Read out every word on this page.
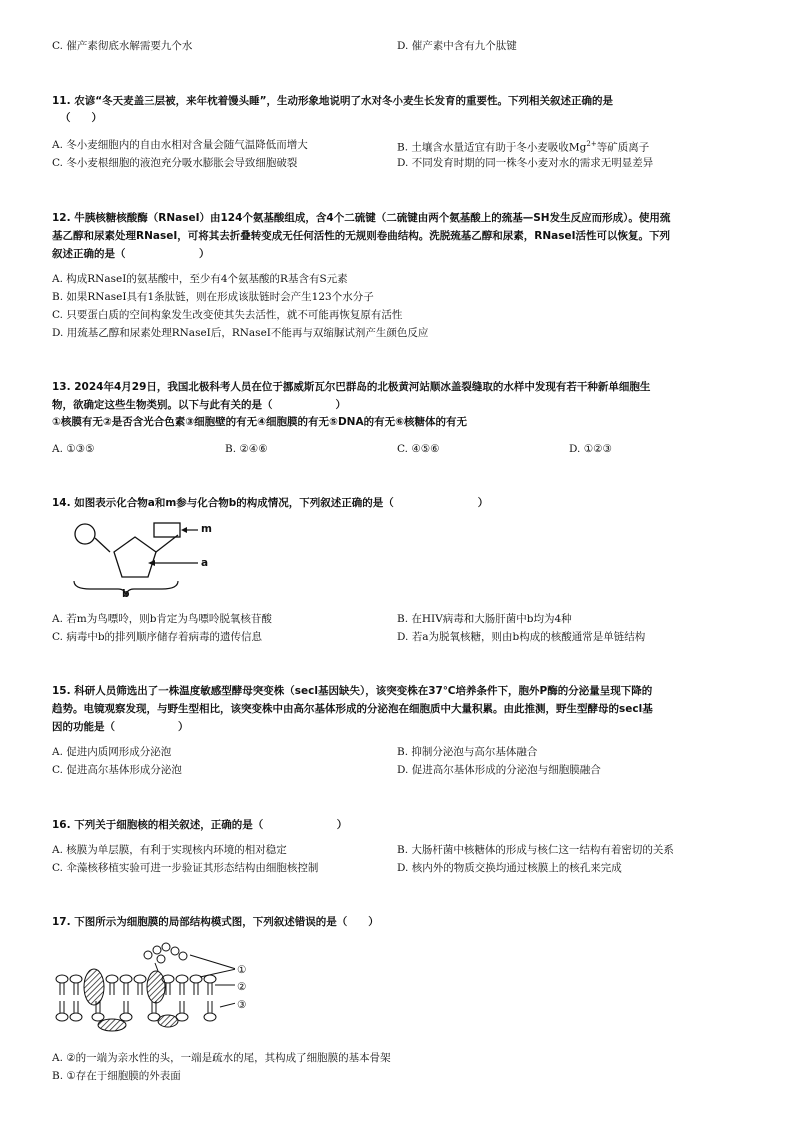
C. 催产素彻底水解需要九个水	D. 催产素中含有九个肽键
11. 农谚“冬天麦盖三层被，来年枕着馒头睡”，生动形象地说明了水对冬小麦生长发育的重要性。下列相关叙述正确的是
（　　）
A. 冬小麦细胞内的自由水相对含量会随气温降低而增大	B. 土壤含水量适宜有助于冬小麦吸收$Mg^{2+}$等矿质离子
C. 冬小麦根细胞的液泡充分吸水膨胀会导致细胞破裂	D. 不同发育时期的同一株冬小麦对水的需求无明显差异
12. 牛胰核糖核酸酶（RNaseI）由124个氨基酸组成，含4个二硫键（二硫键由两个氨基酸上的巯基—SH发生反应而形成）。使用巯
基乙醇和尿素处理RNaseI，可将其去折叠转变成无任何活性的无规则卷曲结构。洗脱巯基乙醇和尿素，RNaseI活性可以恢复。下列
叙述正确的是（　　　　　　　）
A. 构成RNaseI的氨基酸中，至少有4个氨基酸的R基含有S元素
B. 如果RNaseI具有1条肽链，则在形成该肽链时会产生123个水分子
C. 只要蛋白质的空间构象发生改变使其失去活性，就不可能再恢复原有活性
D. 用巯基乙醇和尿素处理RNaseI后，RNaseI不能再与双缩脲试剂产生颜色反应
13. 2024年4月29日，我国北极科考人员在位于挪威斯瓦尔巴群岛的北极黄河站顺冰盖裂缝取的水样中发现有若干种新单细胞生
物，欲确定这些生物类别。以下与此有关的是（　　　　　　）
①核膜有无②是否含光合色素③细胞壁的有无④细胞膜的有无⑤DNA的有无⑥核糖体的有无
A. ①③⑤	B. ②④⑥	C. ④⑤⑥	D. ①②③
14. 如图表示化合物a和m参与化合物b的构成情况，下列叙述正确的是（　　　　　　　　）
m
a
b
A. 若m为鸟嘌呤，则b肯定为鸟嘌呤脱氧核苷酸	B. 在HIV病毒和大肠肝菌中b均为4种
C. 病毒中b的排列顺序储存着病毒的遗传信息	D. 若a为脱氧核糖，则由b构成的核酸通常是单链结构
15. 科研人员筛选出了一株温度敏感型酵母突变株（secl基因缺失），该突变株在37℃培养条件下，胞外P酶的分泌量呈现下降的
趋势。电镜观察发现，与野生型相比，该突变株中由高尔基体形成的分泌泡在细胞质中大量积累。由此推测，野生型酵母的secl基
因的功能是（　　　　　　）
A. 促进内质网形成分泌泡	B. 抑制分泌泡与高尔基体融合
C. 促进高尔基体形成分泌泡	D. 促进高尔基体形成的分泌泡与细胞膜融合
16. 下列关于细胞核的相关叙述，正确的是（　　　　　　　）
A. 核膜为单层膜，有利于实现核内环境的相对稳定	B. 大肠杆菌中核糖体的形成与核仁这一结构有着密切的关系
C. 伞藻核移植实验可进一步验证其形态结构由细胞核控制	D. 核内外的物质交换均通过核膜上的核孔来完成
17. 下图所示为细胞膜的局部结构模式图，下列叙述错误的是（　　）
①
②
③
A. ②的一端为亲水性的头，一端是疏水的尾，其构成了细胞膜的基本骨架
B. ①存在于细胞膜的外表面
